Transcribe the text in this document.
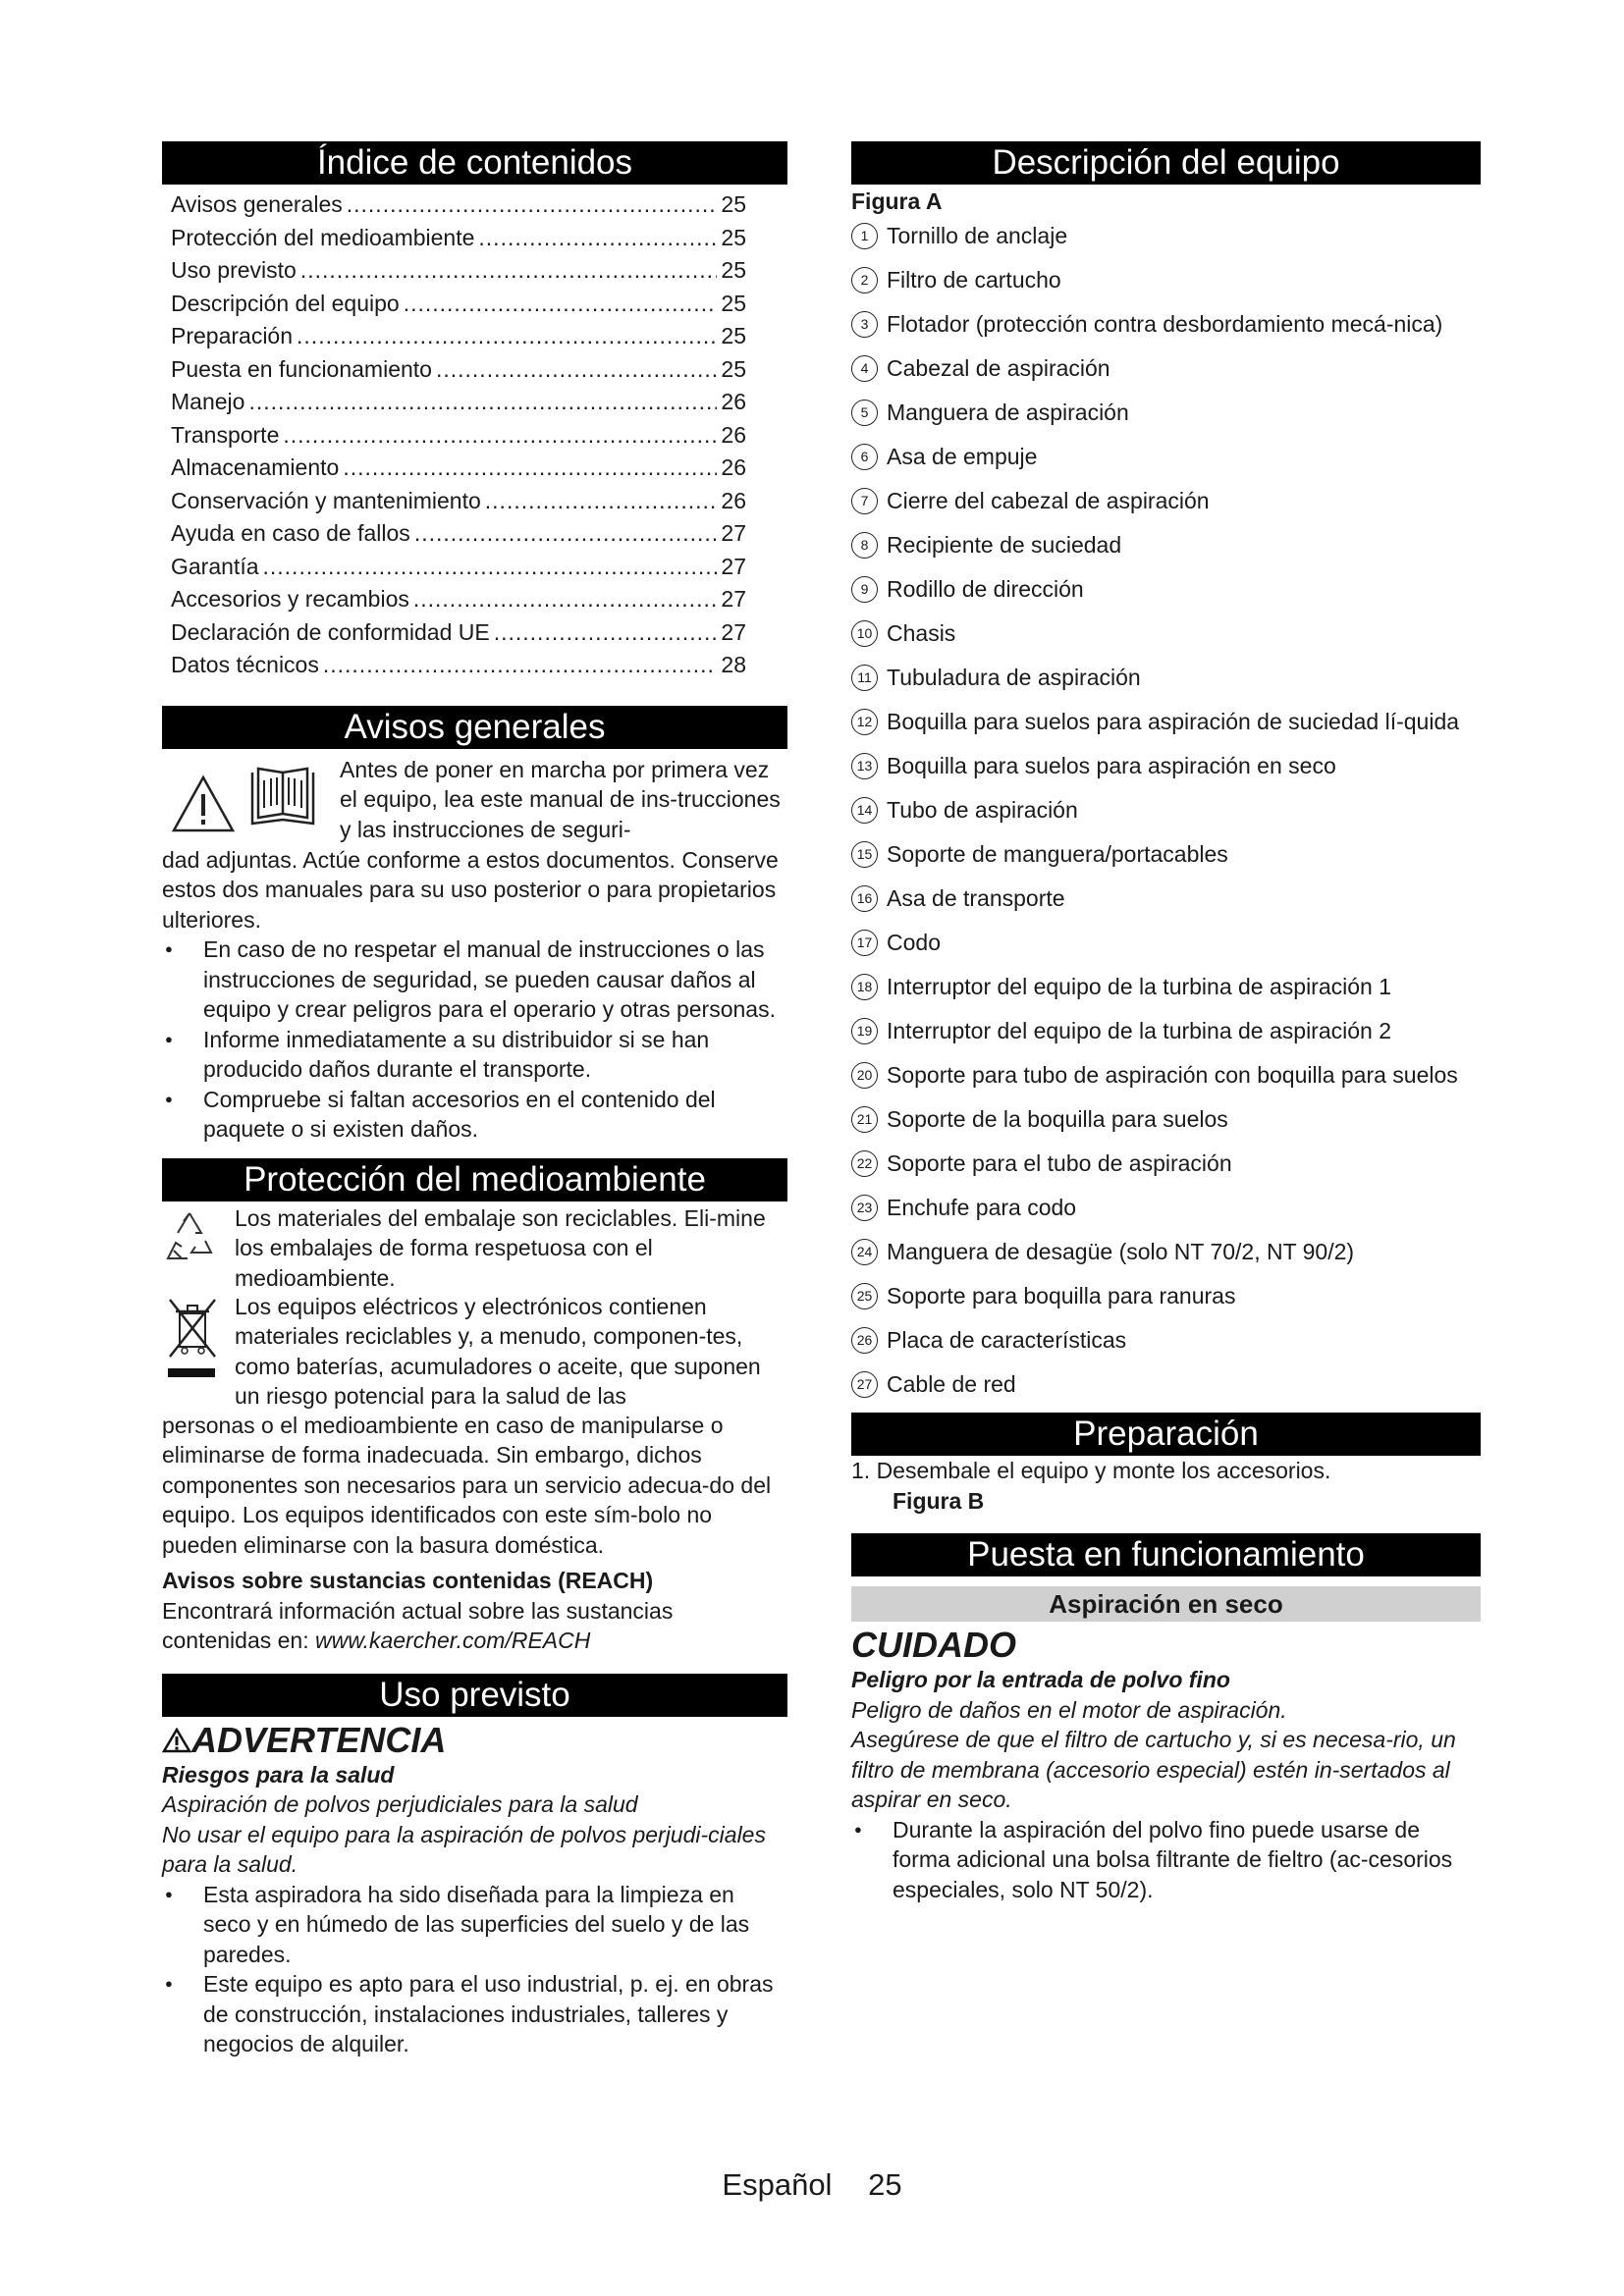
Índice de contenidos
Avisos generales .....	25
Protección del medioambiente .....	25
Uso previsto .....	25
Descripción del equipo .....	25
Preparación .....	25
Puesta en funcionamiento .....	25
Manejo .....	26
Transporte .....	26
Almacenamiento .....	26
Conservación y mantenimiento .....	26
Ayuda en caso de fallos .....	27
Garantía .....	27
Accesorios y recambios .....	27
Declaración de conformidad UE .....	27
Datos técnicos .....	28
Avisos generales

Antes de poner en marcha por primera vez el equipo, lea este manual de ins-trucciones y las instrucciones de seguri-

dad adjuntas. Actúe conforme a estos documentos. Conserve estos dos manuales para su uso posterior o para propietarios ulteriores.

● En caso de no respetar el manual de instrucciones o las instrucciones de seguridad, se pueden causar daños al equipo y crear peligros para el operario y otras personas.
● Informe inmediatamente a su distribuidor si se han producido daños durante el transporte.
● Compruebe si faltan accesorios en el contenido del paquete o si existen daños.
Protección del medioambiente

Los materiales del embalaje son reciclables. Eli-mine los embalajes de forma respetuosa con el medioambiente.

Los equipos eléctricos y electrónicos contienen materiales reciclables y, a menudo, componen-tes, como baterías, acumuladores o aceite, que suponen un riesgo potencial para la salud de las

personas o el medioambiente en caso de manipularse o eliminarse de forma inadecuada. Sin embargo, dichos componentes son necesarios para un servicio adecua-do del equipo. Los equipos identificados con este sím-bolo no pueden eliminarse con la basura doméstica.

Avisos sobre sustancias contenidas (REACH)

Encontrará información actual sobre las sustancias contenidas en: www.kaercher.com/REACH

Uso previsto
ADVERTENCIA

Riesgos para la salud

Aspiración de polvos perjudiciales para la salud

No usar el equipo para la aspiración de polvos perjudi-ciales para la salud.

● Esta aspiradora ha sido diseñada para la limpieza en seco y en húmedo de las superficies del suelo y de las paredes.
● Este equipo es apto para el uso industrial, p. ej. en obras de construcción, instalaciones industriales, talleres y negocios de alquiler.
Descripción del equipo

Figura A

1 Tornillo de anclaje
2 Filtro de cartucho
3 Flotador (protección contra desbordamiento mecá-nica)
4 Cabezal de aspiración
5 Manguera de aspiración
6 Asa de empuje
7 Cierre del cabezal de aspiración
8 Recipiente de suciedad
9 Rodillo de dirección
10 Chasis
11 Tubuladura de aspiración
12 Boquilla para suelos para aspiración de suciedad lí-quida
13 Boquilla para suelos para aspiración en seco
14 Tubo de aspiración
15 Soporte de manguera/portacables
16 Asa de transporte
17 Codo
18 Interruptor del equipo de la turbina de aspiración 1
19 Interruptor del equipo de la turbina de aspiración 2
20 Soporte para tubo de aspiración con boquilla para suelos
21 Soporte de la boquilla para suelos
22 Soporte para el tubo de aspiración
23 Enchufe para codo
24 Manguera de desagüe (solo NT 70/2, NT 90/2)
25 Soporte para boquilla para ranuras
26 Placa de características
27 Cable de red
Preparación

1. Desembale el equipo y monte los accesorios.

Figura B

Puesta en funcionamiento
Aspiración en seco
CUIDADO

Peligro por la entrada de polvo fino

Peligro de daños en el motor de aspiración.

Asegúrese de que el filtro de cartucho y, si es necesa-rio, un filtro de membrana (accesorio especial) estén in-sertados al aspirar en seco.

● Durante la aspiración del polvo fino puede usarse de forma adicional una bolsa filtrante de fieltro (ac-cesorios especiales, solo NT 50/2).
Español 25
